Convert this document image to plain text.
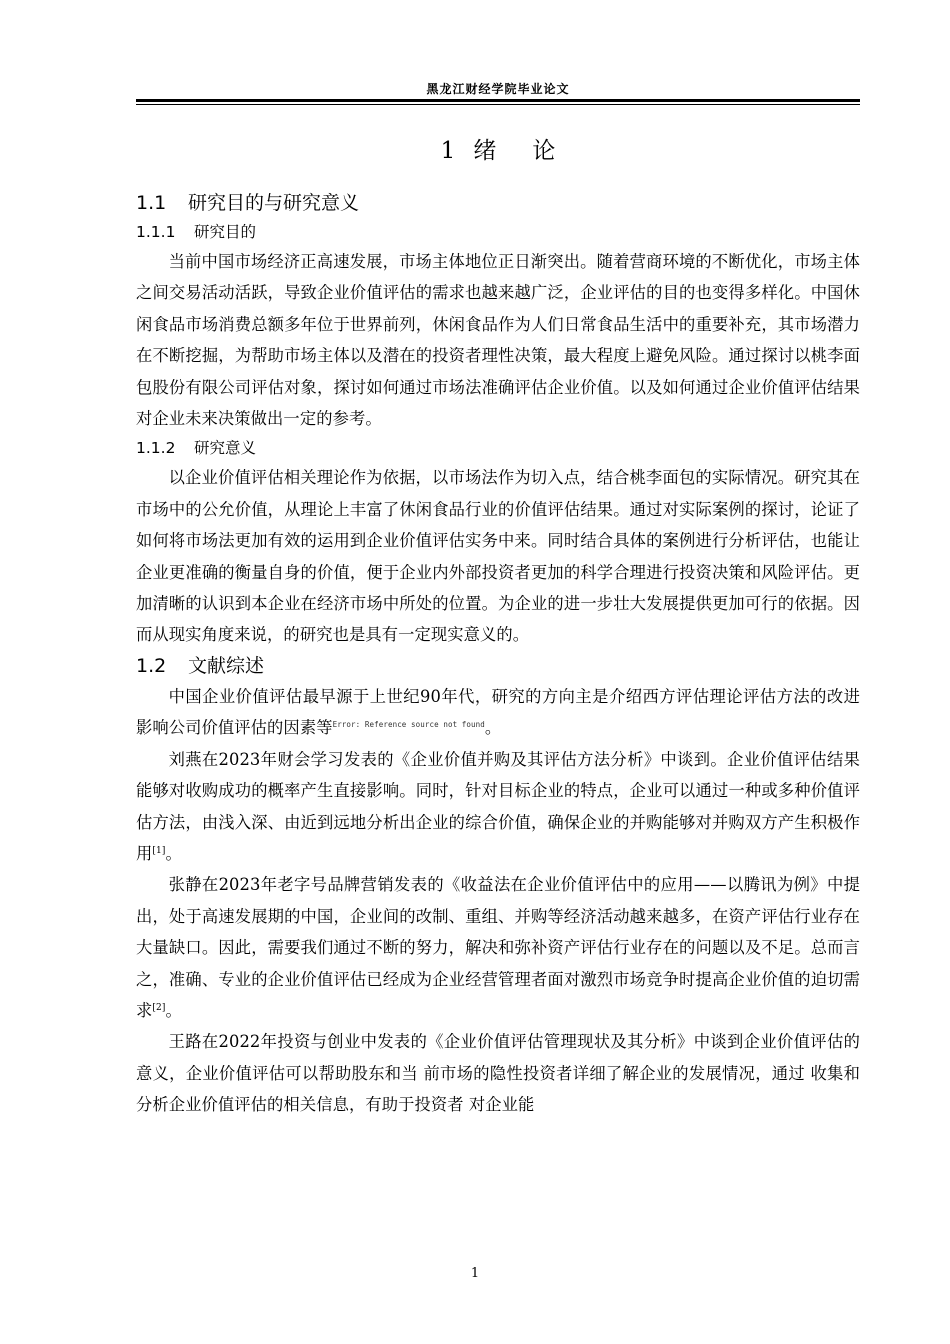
黑龙江财经学院毕业论文
1 绪 论
1.1 研究目的与研究意义
1.1.1 研究目的

当前中国市场经济正高速发展，市场主体地位正日渐突出。随着营商环境的不断优化，市场主体之间交易活动活跃，导致企业价值评估的需求也越来越广泛，企业评估的目的也变得多样化。中国休闲食品市场消费总额多年位于世界前列，休闲食品作为人们日常食品生活中的重要补充，其市场潜力在不断挖掘，为帮助市场主体以及潜在的投资者理性决策，最大程度上避免风险。通过探讨以桃李面包股份有限公司评估对象，探讨如何通过市场法准确评估企业价值。以及如何通过企业价值评估结果对企业未来决策做出一定的参考。

1.1.2 研究意义

以企业价值评估相关理论作为依据，以市场法作为切入点，结合桃李面包的实际情况。研究其在市场中的公允价值，从理论上丰富了休闲食品行业的价值评估结果。通过对实际案例的探讨，论证了如何将市场法更加有效的运用到企业价值评估实务中来。同时结合具体的案例进行分析评估，也能让企业更准确的衡量自身的价值，便于企业内外部投资者更加的科学合理进行投资决策和风险评估。更加清晰的认识到本企业在经济市场中所处的位置。为企业的进一步壮大发展提供更加可行的依据。因而从现实角度来说，的研究也是具有一定现实意义的。

1.2 文献综述

中国企业价值评估最早源于上世纪90年代，研究的方向主是介绍西方评估理论评估方法的改进影响公司价值评估的因素等$^{Error: Reference source not found}$。

刘燕在2023年财会学习发表的《企业价值并购及其评估方法分析》中谈到。企业价值评估结果能够对收购成功的概率产生直接影响。同时，针对目标企业的特点，企业可以通过一种或多种价值评估方法，由浅入深、由近到远地分析出企业的综合价值，确保企业的并购能够对并购双方产生积极作用[1]。

张静在2023年老字号品牌营销发表的《收益法在企业价值评估中的应用——以腾讯为例》中提出，处于高速发展期的中国，企业间的改制、重组、并购等经济活动越来越多，在资产评估行业存在大量缺口。因此，需要我们通过不断的努力，解决和弥补资产评估行业存在的问题以及不足。总而言之，准确、专业的企业价值评估已经成为企业经营管理者面对激烈市场竞争时提高企业价值的迫切需求[2]。

王路在2022年投资与创业中发表的《企业价值评估管理现状及其分析》中谈到企业价值评估的意义，企业价值评估可以帮助股东和当 前市场的隐性投资者详细了解企业的发展情况，通过 收集和分析企业价值评估的相关信息，有助于投资者 对企业能

1
